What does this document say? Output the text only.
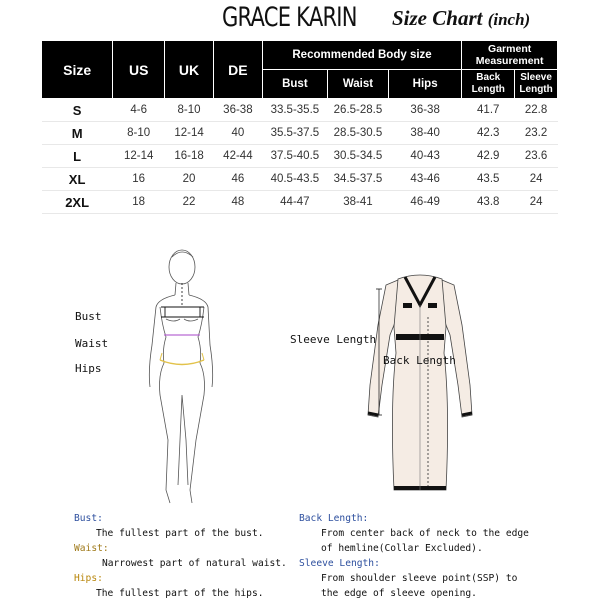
GRACE KARIN Size Chart (inch)
Size	US	UK	DE	Recommended Body size			Garment Measurement	
				Bust	Waist	Hips	Back Length	Sleeve Length
S	4-6	8-10	36-38	33.5-35.5	26.5-28.5	36-38	41.7	22.8
M	8-10	12-14	40	35.5-37.5	28.5-30.5	38-40	42.3	23.2
L	12-14	16-18	42-44	37.5-40.5	30.5-34.5	40-43	42.9	23.6
XL	16	20	46	40.5-43.5	34.5-37.5	43-46	43.5	24
2XL	18	22	48	44-47	38-41	46-49	43.8	24
Bust
Waist
Hips
Sleeve Length
Back Length
Bust:
The fullest part of the bust.
Waist:
Narrowest part of natural waist.
Hips:
The fullest part of the hips.
Back Length:
From center back of neck to the edge
of hemline(Collar Excluded).
Sleeve Length:
From shoulder sleeve point(SSP) to
the edge of sleeve opening.
